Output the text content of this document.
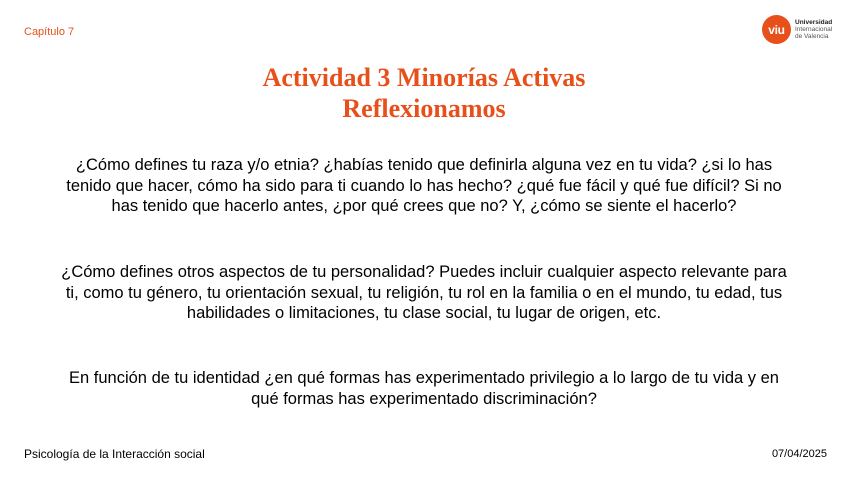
Capítulo 7	viu	Universidad
Internacional
de Valencia
Actividad 3 Minorías Activas
Reflexionamos
¿Cómo defines tu raza y/o etnia? ¿habías tenido que definirla alguna vez en tu vida? ¿si lo has tenido que hacer, cómo ha sido para ti cuando lo has hecho? ¿qué fue fácil y qué fue difícil? Si no has tenido que hacerlo antes, ¿por qué crees que no? Y, ¿cómo se siente el hacerlo?
¿Cómo defines otros aspectos de tu personalidad? Puedes incluir cualquier aspecto relevante para ti, como tu género, tu orientación sexual, tu religión, tu rol en la familia o en el mundo, tu edad, tus habilidades o limitaciones, tu clase social, tu lugar de origen, etc.
En función de tu identidad ¿en qué formas has experimentado privilegio a lo largo de tu vida y en qué formas has experimentado discriminación?
Psicología de la Interacción social	07/04/2025
